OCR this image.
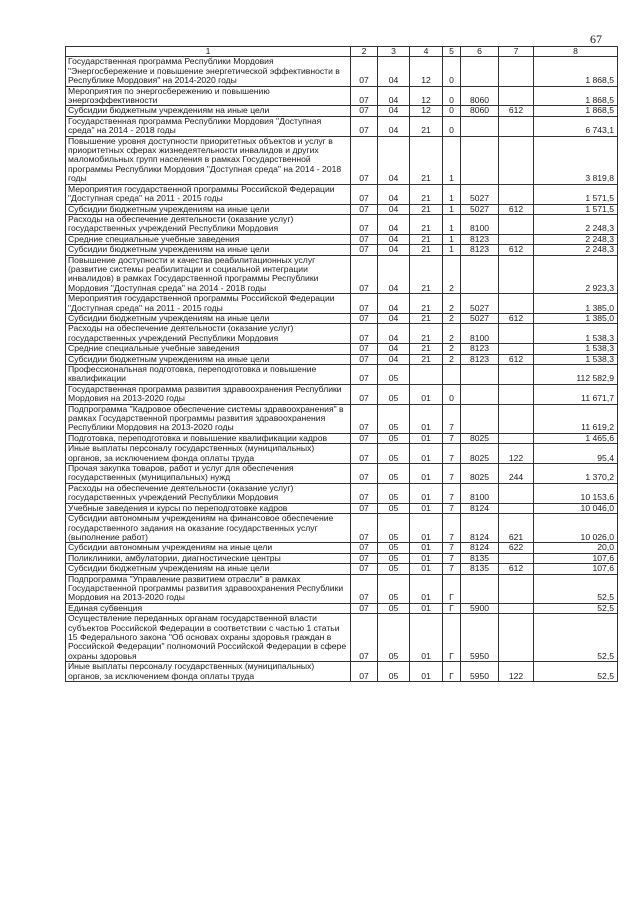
67
1	2	3	4	5	6	7	8
Государственная программа Республики Мордовия "Энергосбережение и повышение энергетической эффективности в Республике Мордовия" на 2014-2020 годы	07	04	12	0			1 868,5
Мероприятия по энергосбережению и повышению энергоэффективности	07	04	12	0	8060		1 868,5
Субсидии бюджетным учреждениям на иные цели	07	04	12	0	8060	612	1 868,5
Государственная программа Республики Мордовия "Доступная среда" на 2014 - 2018 годы	07	04	21	0			6 743,1
Повышение уровня доступности приоритетных объектов и услуг в приоритетных сферах жизнедеятельности инвалидов и других маломобильных групп населения в рамках Государственной программы Республики Мордовия "Доступная среда" на 2014 - 2018 годы	07	04	21	1			3 819,8
Мероприятия государственной программы Российской Федерации "Доступная среда" на 2011 - 2015 годы	07	04	21	1	5027		1 571,5
Субсидии бюджетным учреждениям на иные цели	07	04	21	1	5027	612	1 571,5
Расходы на обеспечение деятельности (оказание услуг) государственных учреждений Республики Мордовия	07	04	21	1	8100		2 248,3
Средние специальные учебные заведения	07	04	21	1	8123		2 248,3
Субсидии бюджетным учреждениям на иные цели	07	04	21	1	8123	612	2 248,3
Повышение доступности и качества реабилитационных услуг (развитие системы реабилитации и социальной интеграции инвалидов) в рамках Государственной программы Республики Мордовия "Доступная среда" на 2014 - 2018 годы	07	04	21	2			2 923,3
Мероприятия государственной программы Российской Федерации "Доступная среда" на 2011 - 2015 годы	07	04	21	2	5027		1 385,0
Субсидии бюджетным учреждениям на иные цели	07	04	21	2	5027	612	1 385,0
Расходы на обеспечение деятельности (оказание услуг) государственных учреждений Республики Мордовия	07	04	21	2	8100		1 538,3
Средние специальные учебные заведения	07	04	21	2	8123		1 538,3
Субсидии бюджетным учреждениям на иные цели	07	04	21	2	8123	612	1 538,3
Профессиональная подготовка, переподготовка и повышение квалификации	07	05					112 582,9
Государственная программа развития здравоохранения Республики Мордовия на 2013-2020 годы	07	05	01	0			11 671,7
Подпрограмма "Кадровое обеспечение системы здравоохранения" в рамках Государственной программы развития здравоохранения Республики Мордовия на 2013-2020 годы	07	05	01	7			11 619,2
Подготовка, переподготовка и повышение квалификации кадров	07	05	01	7	8025		1 465,6
Иные выплаты персоналу государственных (муниципальных) органов, за исключением фонда оплаты труда	07	05	01	7	8025	122	95,4
Прочая закупка товаров, работ и услуг для обеспечения государственных (муниципальных) нужд	07	05	01	7	8025	244	1 370,2
Расходы на обеспечение деятельности (оказание услуг) государственных учреждений Республики Мордовия	07	05	01	7	8100		10 153,6
Учебные заведения и курсы по переподготовке кадров	07	05	01	7	8124		10 046,0
Субсидии автономным учреждениям на финансовое обеспечение государственного задания на оказание государственных услуг (выполнение работ)	07	05	01	7	8124	621	10 026,0
Субсидии автономным учреждениям на иные цели	07	05	01	7	8124	622	20,0
Поликлиники, амбулатории, диагностические центры	07	05	01	7	8135		107,6
Субсидии бюджетным учреждениям на иные цели	07	05	01	7	8135	612	107,6
Подпрограмма "Управление развитием отрасли" в рамках Государственной программы развития здравоохранения Республики Мордовия на 2013-2020 годы	07	05	01	Г			52,5
Единая субвенция	07	05	01	Г	5900		52,5
Осуществление переданных органам государственной власти субъектов Российской Федерации в соответствии с частью 1 статьи 15 Федерального закона "Об основах охраны здоровья граждан в Российской Федерации" полномочий Российской Федерации в сфере охраны здоровья	07	05	01	Г	5950		52,5
Иные выплаты персоналу государственных (муниципальных) органов, за исключением фонда оплаты труда	07	05	01	Г	5950	122	52,5
